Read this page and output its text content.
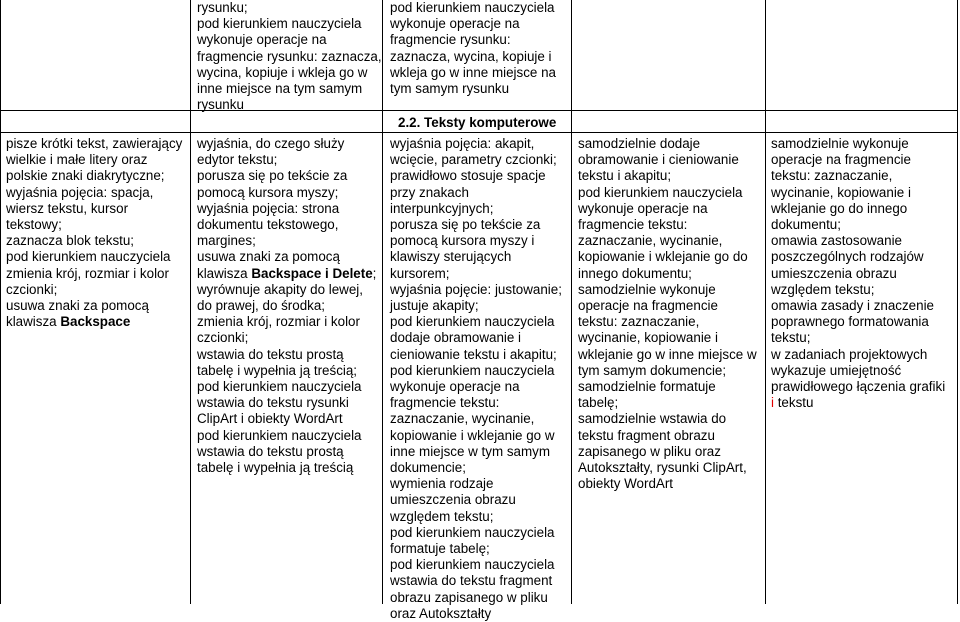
rysunku;
pod kierunkiem nauczyciela
wykonuje operacje na
fragmencie rysunku: zaznacza,
wycina, kopiuje i wkleja go w
inne miejsce na tym samym
rysunku
pod kierunkiem nauczyciela
wykonuje operacje na
fragmencie rysunku:
zaznacza, wycina, kopiuje i
wkleja go w inne miejsce na
tym samym rysunku
2.2. Teksty komputerowe
pisze krótki tekst, zawierający
wielkie i małe litery oraz
polskie znaki diakrytyczne;
wyjaśnia pojęcia: spacja,
wiersz tekstu, kursor
tekstowy;
zaznacza blok tekstu;
pod kierunkiem nauczyciela
zmienia krój, rozmiar i kolor
czcionki;
usuwa znaki za pomocą
klawisza Backspace
wyjaśnia, do czego służy
edytor tekstu;
porusza się po tekście za
pomocą kursora myszy;
wyjaśnia pojęcia: strona
dokumentu tekstowego,
margines;
usuwa znaki za pomocą
klawisza Backspace i Delete;
wyrównuje akapity do lewej,
do prawej, do środka;
zmienia krój, rozmiar i kolor
czcionki;
wstawia do tekstu prostą
tabelę i wypełnia ją treścią;
pod kierunkiem nauczyciela
wstawia do tekstu rysunki
ClipArt i obiekty WordArt
pod kierunkiem nauczyciela
wstawia do tekstu prostą
tabelę i wypełnia ją treścią
wyjaśnia pojęcia: akapit,
wcięcie, parametry czcionki;
prawidłowo stosuje spacje
przy znakach
interpunkcyjnych;
porusza się po tekście za
pomocą kursora myszy i
klawiszy sterujących
kursorem;
wyjaśnia pojęcie: justowanie;
justuje akapity;
pod kierunkiem nauczyciela
dodaje obramowanie i
cieniowanie tekstu i akapitu;
pod kierunkiem nauczyciela
wykonuje operacje na
fragmencie tekstu:
zaznaczanie, wycinanie,
kopiowanie i wklejanie go w
inne miejsce w tym samym
dokumencie;
wymienia rodzaje
umieszczenia obrazu
względem tekstu;
pod kierunkiem nauczyciela
formatuje tabelę;
pod kierunkiem nauczyciela
wstawia do tekstu fragment
obrazu zapisanego w pliku
oraz Autokształty
samodzielnie dodaje
obramowanie i cieniowanie
tekstu i akapitu;
pod kierunkiem nauczyciela
wykonuje operacje na
fragmencie tekstu:
zaznaczanie, wycinanie,
kopiowanie i wklejanie go do
innego dokumentu;
samodzielnie wykonuje
operacje na fragmencie
tekstu: zaznaczanie,
wycinanie, kopiowanie i
wklejanie go w inne miejsce w
tym samym dokumencie;
samodzielnie formatuje
tabelę;
samodzielnie wstawia do
tekstu fragment obrazu
zapisanego w pliku oraz
Autokształty, rysunki ClipArt,
obiekty WordArt
samodzielnie wykonuje
operacje na fragmencie
tekstu: zaznaczanie,
wycinanie, kopiowanie i
wklejanie go do innego
dokumentu;
omawia zastosowanie
poszczególnych rodzajów
umieszczenia obrazu
względem tekstu;
omawia zasady i znaczenie
poprawnego formatowania
tekstu;
w zadaniach projektowych
wykazuje umiejętność
prawidłowego łączenia grafiki
i tekstu
